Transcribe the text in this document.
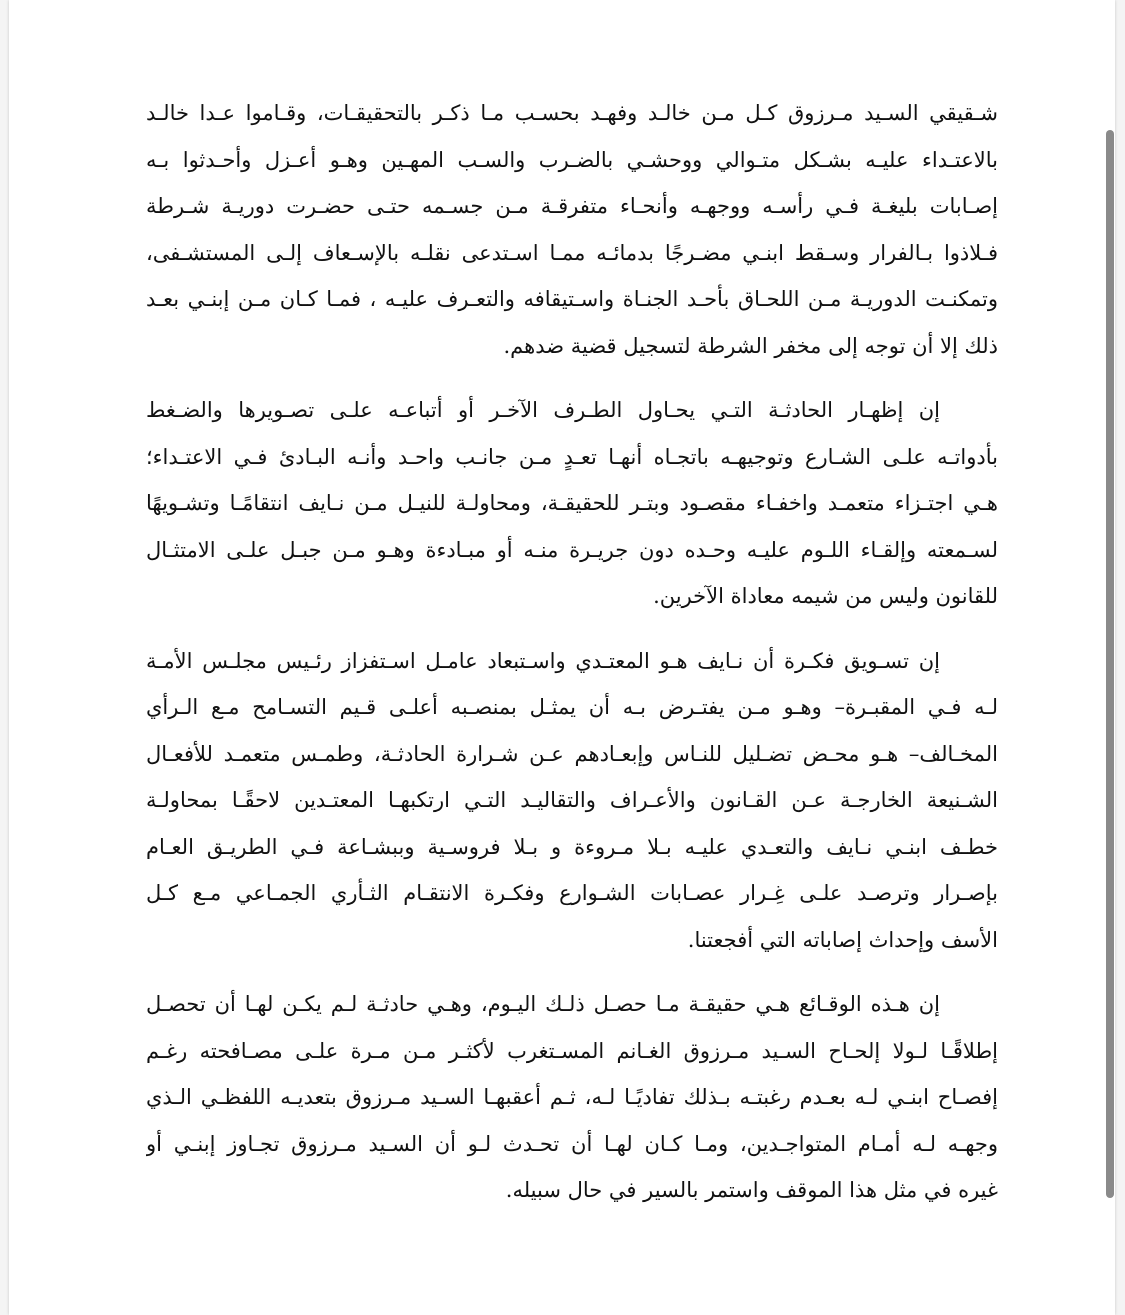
شـقيقي السـيد مـرزوق كـل مـن خالـد وفهـد بحسـب مـا ذكـر بالتحقيقـات، وقـاموا عـدا خالـد
بالاعتـداء عليـه بشـكل متـوالي ووحشـي بالضـرب والسـب المهـين وهـو أعـزل وأحـدثوا بـه
إصـابات بليغـة فـي رأسـه ووجهـه وأنحـاء متفرقـة مـن جسـمه حتـى حضـرت دوريـة شـرطة
فـلاذوا بـالفرار وسـقط ابنـي مضـرجًا بدمائـه ممـا اسـتدعى نقلـه بالإسـعاف إلـى المستشـفى،
وتمكنـت الدوريـة مـن اللحـاق بأحـد الجنـاة واسـتيقافه والتعـرف عليـه ، فمـا كـان مـن إبنـي بعـد
ذلك إلا أن توجه إلى مخفر الشرطة لتسجيل قضية ضدهم.
إن إظهـار الحادثـة التـي يحـاول الطـرف الآخـر أو أتباعـه علـى تصـويرها والضـغط
بأدواتـه علـى الشـارع وتوجيهـه باتجـاه أنهـا تعـدٍ مـن جانـب واحـد وأنـه البـادئ فـي الاعتـداء؛
هـي اجتـزاء متعمـد واخفـاء مقصـود وبتـر للحقيقـة، ومحاولـة للنيـل مـن نـايف انتقامًـا وتشـويهًا
لسـمعته وإلقـاء اللـوم عليـه وحـده دون جريـرة منـه أو مبـادءة وهـو مـن جبـل علـى الامتثـال
للقانون وليس من شيمه معاداة الآخرين.
إن تسـويق فكـرة أن نـايف هـو المعتـدي واسـتبعاد عامـل اسـتفزاز رئـيس مجلـس الأمـة
لـه فـي المقبـرة– وهـو مـن يفتـرض بـه أن يمثـل بمنصـبه أعلـى قـيم التسـامح مـع الـرأي
المخـالف– هـو محـض تضـليل للنـاس وإبعـادهم عـن شـرارة الحادثـة، وطمـس متعمـد للأفعـال
الشـنيعة الخارجـة عـن القـانون والأعـراف والتقاليـد التـي ارتكبهـا المعتـدين لاحقًـا بمحاولـة
خطـف ابنـي نـايف والتعـدي عليـه بـلا مـروءة و بـلا فروسـية وببشـاعة فـي الطريـق العـام
بإصـرار وترصـد علـى غِـرار عصـابات الشـوارع وفكـرة الانتقـام الثـأري الجمـاعي مـع كـل
الأسف وإحداث إصاباته التي أفجعتنا.
إن هـذه الوقـائع هـي حقيقـة مـا حصـل ذلـك اليـوم، وهـي حادثـة لـم يكـن لهـا أن تحصـل
إطلاقًـا لـولا إلحـاح السـيد مـرزوق الغـانم المسـتغرب لأكثـر مـن مـرة علـى مصـافحته رغـم
إفصـاح ابنـي لـه بعـدم رغبتـه بـذلك تفاديًـا لـه، ثـم أعقبهـا السـيد مـرزوق بتعديـه اللفظـي الـذي
وجهـه لـه أمـام المتواجـدين، ومـا كـان لهـا أن تحـدث لـو أن السـيد مـرزوق تجـاوز إبنـي أو
غيره في مثل هذا الموقف واستمر بالسير في حال سبيله.
